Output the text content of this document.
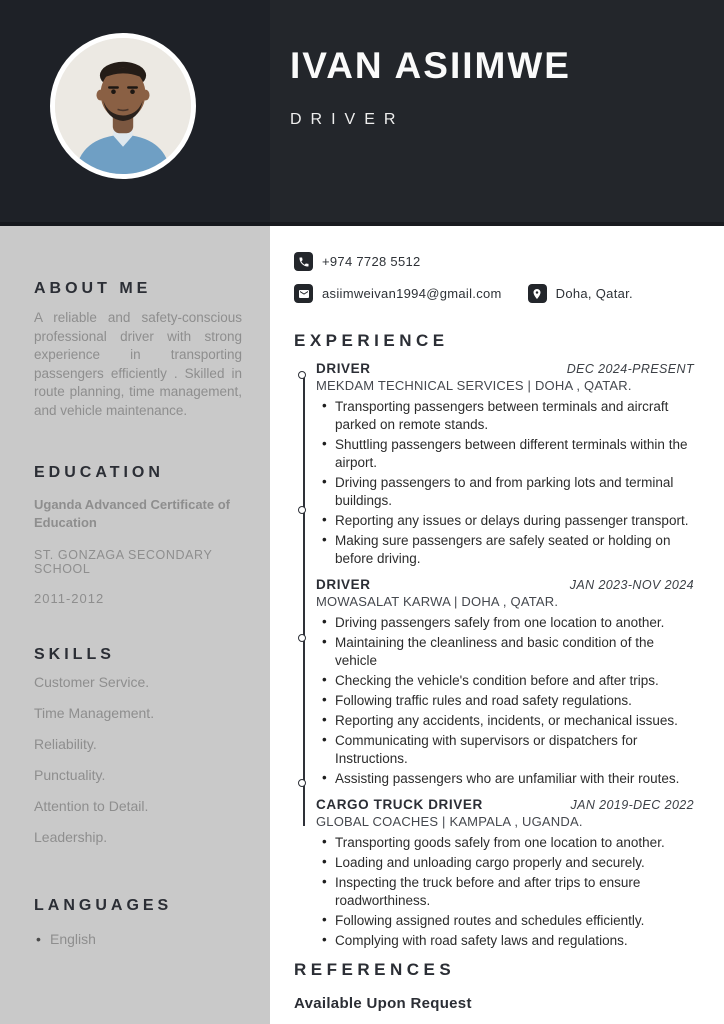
IVAN ASIIMWE
DRIVER
ABOUT ME

A reliable and safety-conscious professional driver with strong experience in transporting passengers efficiently . Skilled in route planning, time management, and vehicle maintenance.

EDUCATION
Uganda Advanced Certificate of Education
ST. GONZAGA SECONDARY SCHOOL
2011-2012
SKILLS
Customer Service.
Time Management.
Reliability.
Punctuality.
Attention to Detail.
Leadership.
LANGUAGES
• English
+974 7728 5512
asiimweivan1994@gmail.com	Doha, Qatar.
EXPERIENCE
DRIVER	DEC 2024-PRESENT
MEKDAM TECHNICAL SERVICES | DOHA , QATAR.
• Transporting passengers between terminals and aircraft parked on remote stands.
• Shuttling passengers between different terminals within the airport.
• Driving passengers to and from parking lots and terminal buildings.
• Reporting any issues or delays during passenger transport.
• Making sure passengers are safely seated or holding on before driving.
DRIVER	JAN 2023-NOV 2024
MOWASALAT KARWA | DOHA , QATAR.
• Driving passengers safely from one location to another.
• Maintaining the cleanliness and basic condition of the vehicle
• Checking the vehicle's condition before and after trips.
• Following traffic rules and road safety regulations.
• Reporting any accidents, incidents, or mechanical issues.
• Communicating with supervisors or dispatchers for Instructions.
• Assisting passengers who are unfamiliar with their routes.
CARGO TRUCK DRIVER	JAN 2019-DEC 2022
GLOBAL COACHES | KAMPALA , UGANDA.
• Transporting goods safely from one location to another.
• Loading and unloading cargo properly and securely.
• Inspecting the truck before and after trips to ensure roadworthiness.
• Following assigned routes and schedules efficiently.
• Complying with road safety laws and regulations.
REFERENCES
Available Upon Request
